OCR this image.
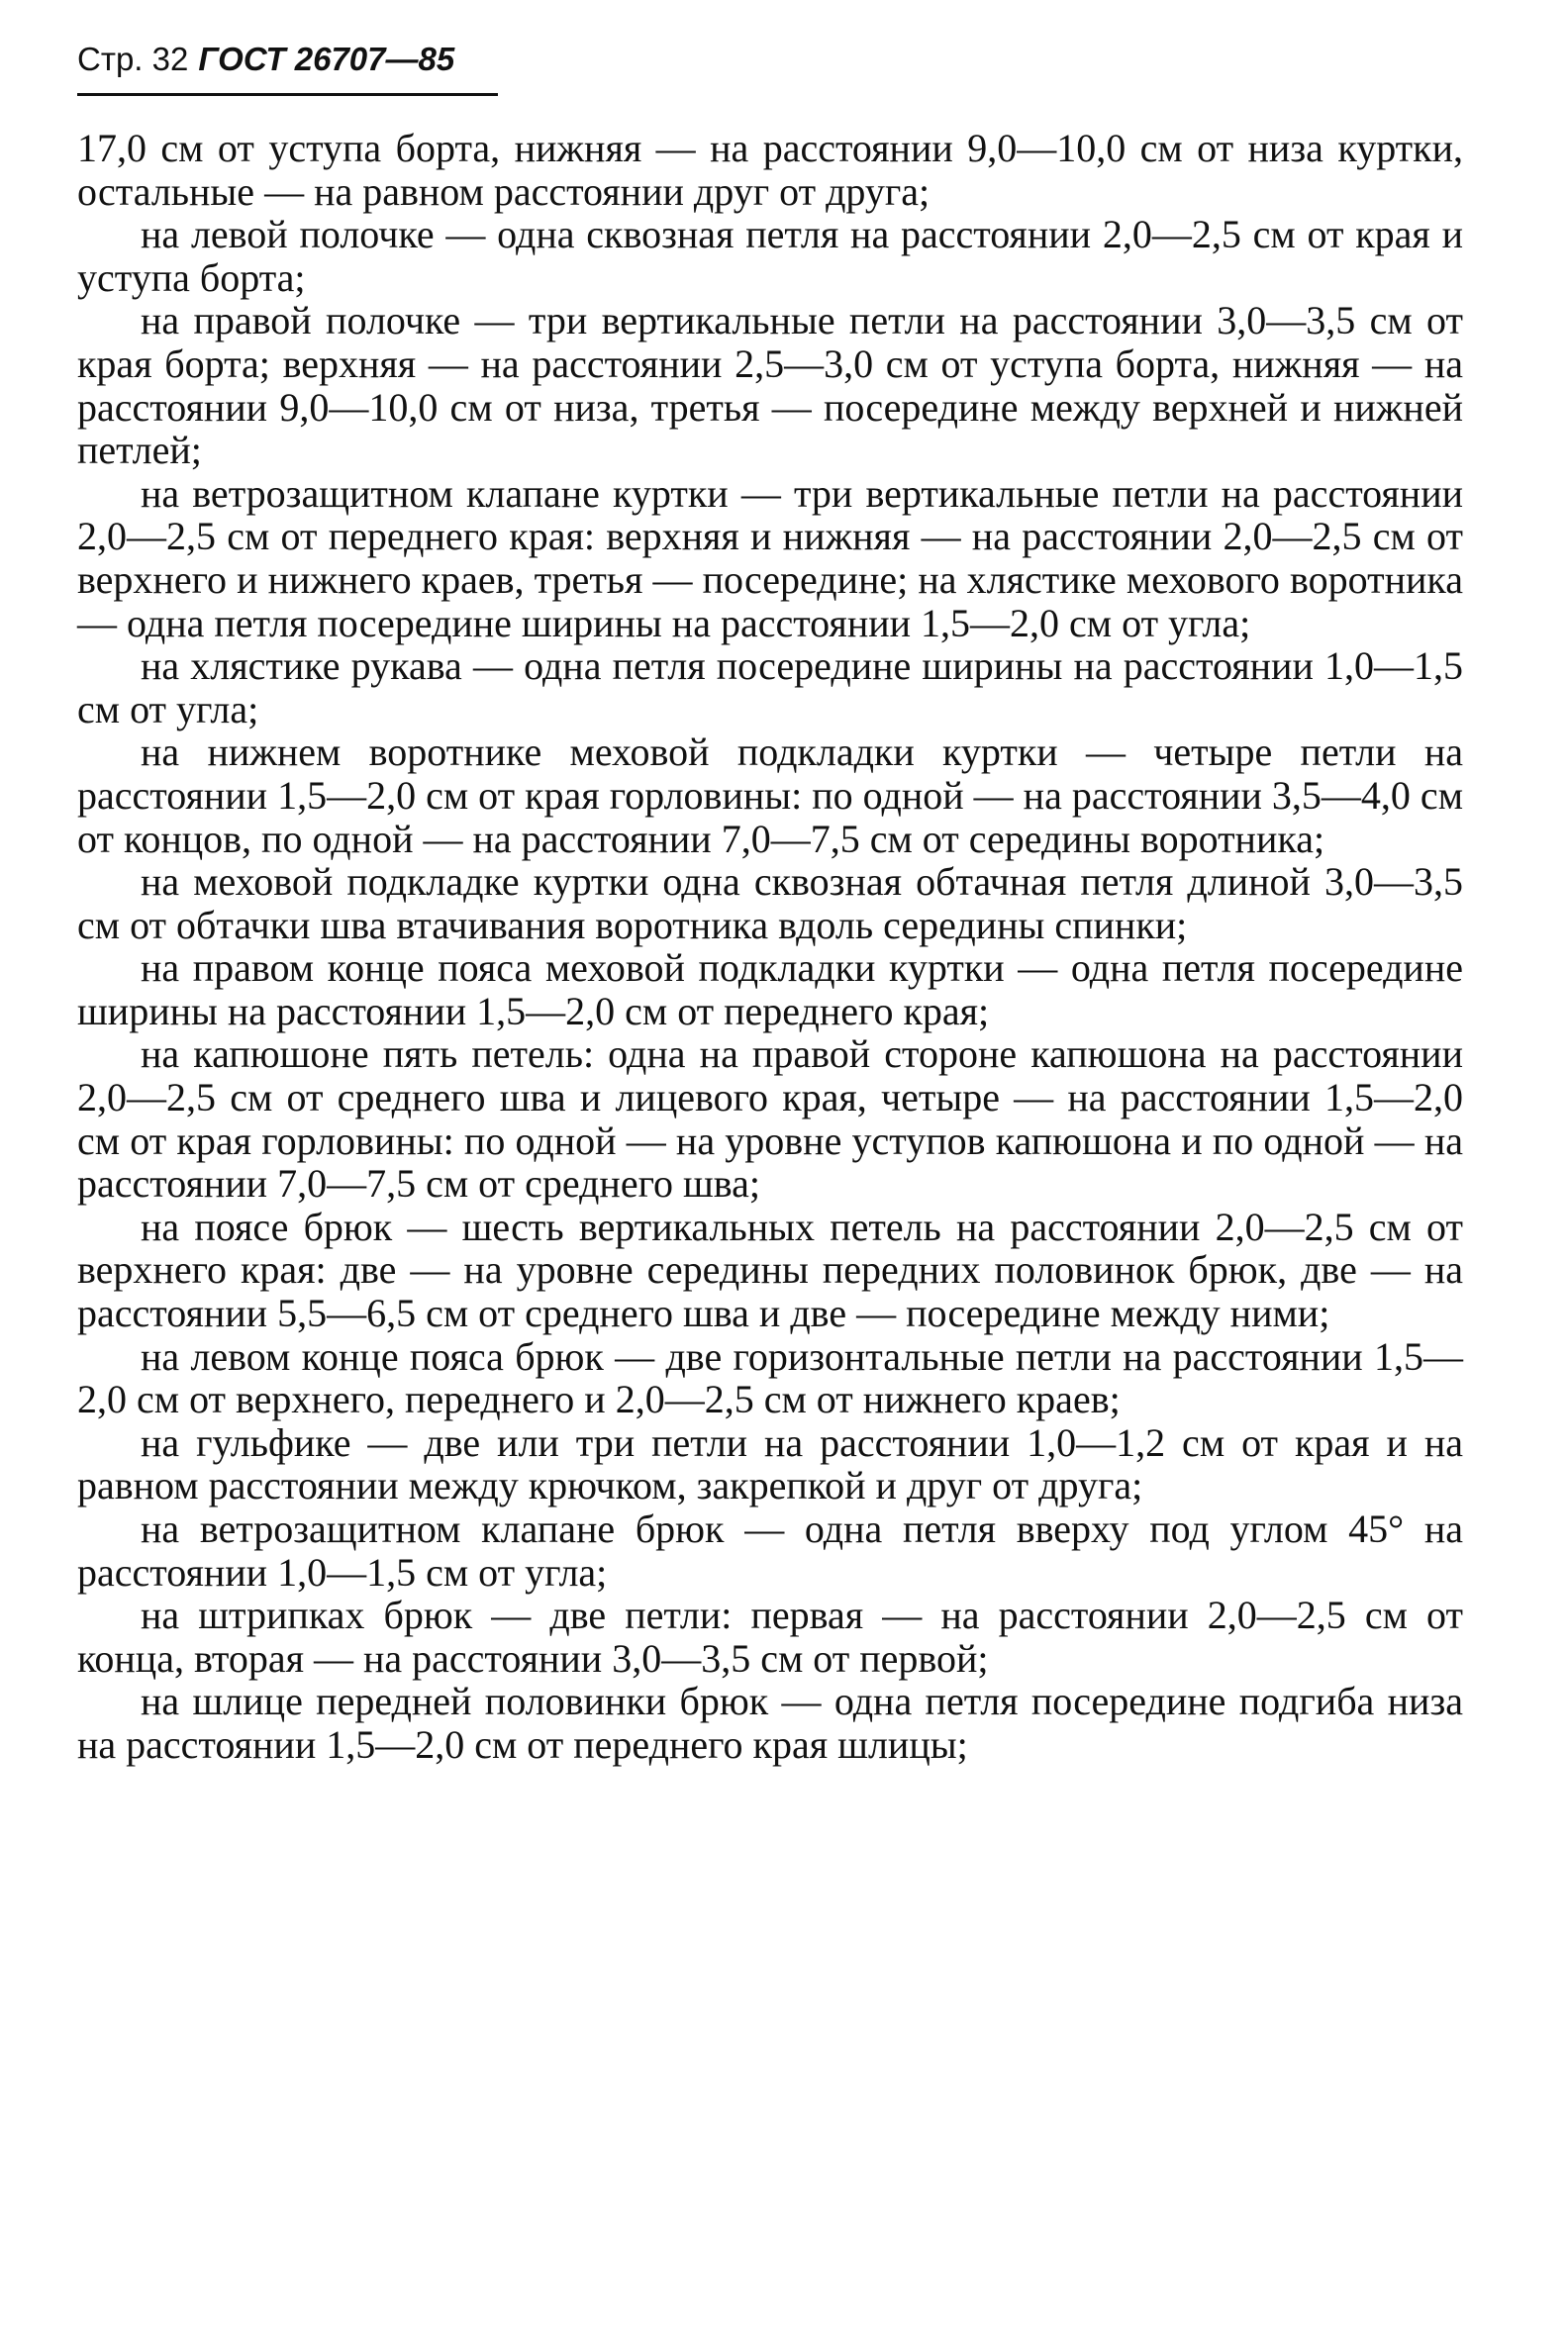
Стр. 32 ГОСТ 26707—85

17,0 см от уступа борта, нижняя — на расстоянии 9,0—10,0 см от низа куртки, остальные — на равном расстоянии друг от друга;

на левой полочке — одна сквозная петля на расстоянии 2,0—2,5 см от края и уступа борта;

на правой полочке — три вертикальные петли на расстоянии 3,0—3,5 см от края борта; верхняя — на расстоянии 2,5—3,0 см от уступа борта, нижняя — на расстоянии 9,0—10,0 см от низа, третья — посередине между верхней и нижней петлей;

на ветрозащитном клапане куртки — три вертикальные петли на расстоянии 2,0—2,5 см от переднего края: верхняя и нижняя — на расстоянии 2,0—2,5 см от верхнего и нижнего краев, третья — посередине; на хлястике мехового воротника — одна петля посередине ширины на расстоянии 1,5—2,0 см от угла;

на хлястике рукава — одна петля посередине ширины на расстоянии 1,0—1,5 см от угла;

на нижнем воротнике меховой подкладки куртки — четыре петли на расстоянии 1,5—2,0 см от края горловины: по одной — на расстоянии 3,5—4,0 см от концов, по одной — на расстоянии 7,0—7,5 см от середины воротника;

на меховой подкладке куртки одна сквозная обтачная петля длиной 3,0—3,5 см от обтачки шва втачивания воротника вдоль середины спинки;

на правом конце пояса меховой подкладки куртки — одна петля посередине ширины на расстоянии 1,5—2,0 см от переднего края;

на капюшоне пять петель: одна на правой стороне капюшона на расстоянии 2,0—2,5 см от среднего шва и лицевого края, четыре — на расстоянии 1,5—2,0 см от края горловины: по одной — на уровне уступов капюшона и по одной — на расстоянии 7,0—7,5 см от среднего шва;

на поясе брюк — шесть вертикальных петель на расстоянии 2,0—2,5 см от верхнего края: две — на уровне середины передних половинок брюк, две — на расстоянии 5,5—6,5 см от среднего шва и две — посередине между ними;

на левом конце пояса брюк — две горизонтальные петли на расстоянии 1,5—2,0 см от верхнего, переднего и 2,0—2,5 см от нижнего краев;

на гульфике — две или три петли на расстоянии 1,0—1,2 см от края и на равном расстоянии между крючком, закрепкой и друг от друга;

на ветрозащитном клапане брюк — одна петля вверху под углом 45° на расстоянии 1,0—1,5 см от угла;

на штрипках брюк — две петли: первая — на расстоянии 2,0—2,5 см от конца, вторая — на расстоянии 3,0—3,5 см от первой;

на шлице передней половинки брюк — одна петля посередине подгиба низа на расстоянии 1,5—2,0 см от переднего края шлицы;
